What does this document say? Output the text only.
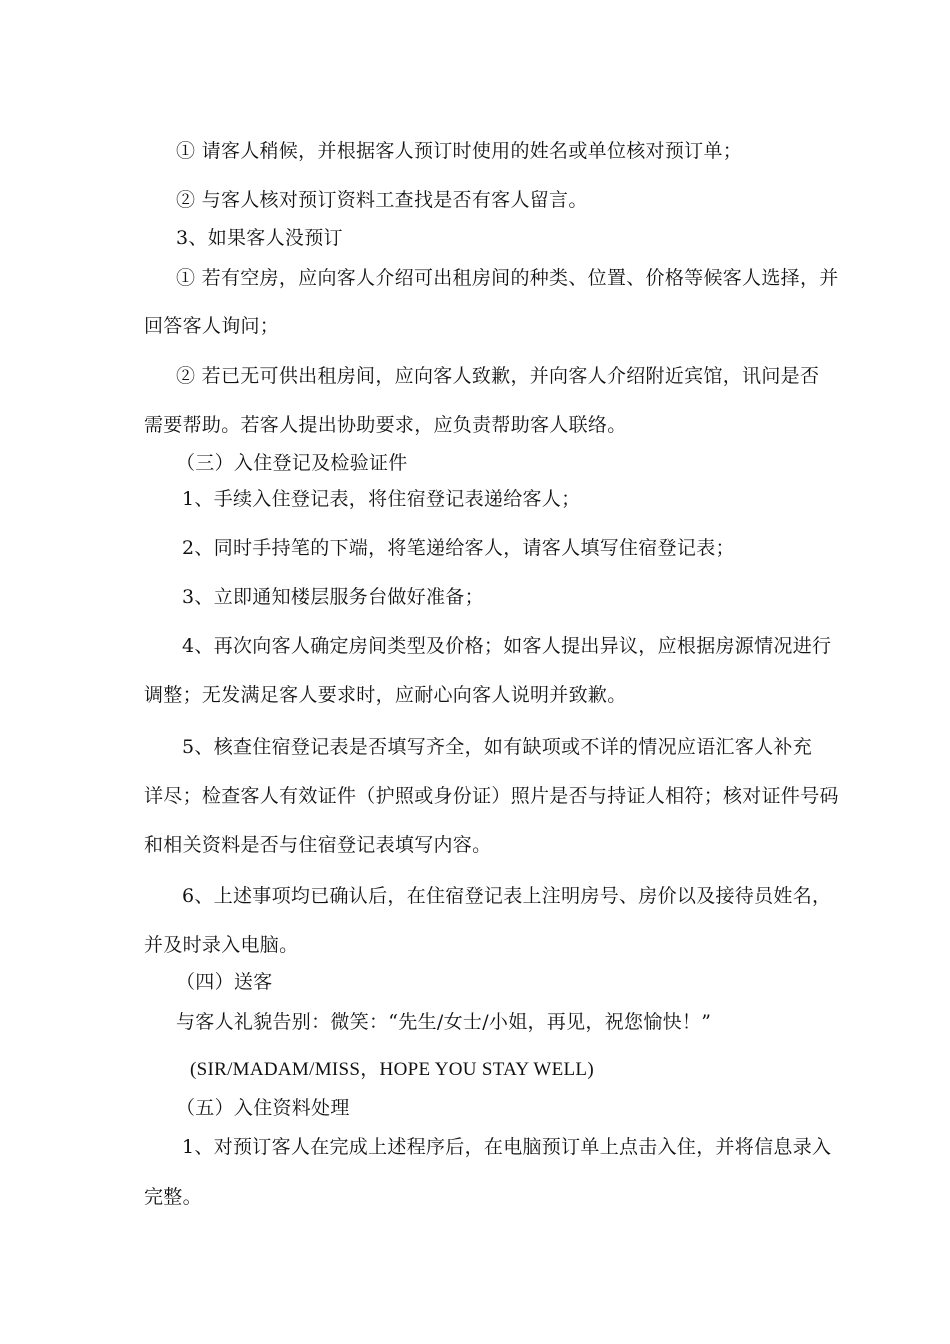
① 请客人稍候，并根据客人预订时使用的姓名或单位核对预订单；
② 与客人核对预订资料工查找是否有客人留言。
3、如果客人没预订
① 若有空房，应向客人介绍可出租房间的种类、位置、价格等候客人选择，并
回答客人询问；
② 若已无可供出租房间，应向客人致歉，并向客人介绍附近宾馆，讯问是否
需要帮助。若客人提出协助要求，应负责帮助客人联络。
（三）入住登记及检验证件
1、手续入住登记表，将住宿登记表递给客人；
2、同时手持笔的下端，将笔递给客人，请客人填写住宿登记表；
3、立即通知楼层服务台做好准备；
4、再次向客人确定房间类型及价格；如客人提出异议，应根据房源情况进行
调整；无发满足客人要求时，应耐心向客人说明并致歉。
5、核查住宿登记表是否填写齐全，如有缺项或不详的情况应语汇客人补充
详尽；检查客人有效证件（护照或身份证）照片是否与持证人相符；核对证件号码
和相关资料是否与住宿登记表填写内容。
6、上述事项均已确认后，在住宿登记表上注明房号、房价以及接待员姓名，
并及时录入电脑。
（四）送客
与客人礼貌告别：微笑：“先生/女士/小姐，再见，祝您愉快！”
(SIR/MADAM/MISS，HOPE YOU STAY WELL)
（五）入住资料处理
1、对预订客人在完成上述程序后，在电脑预订单上点击入住，并将信息录入
完整。
